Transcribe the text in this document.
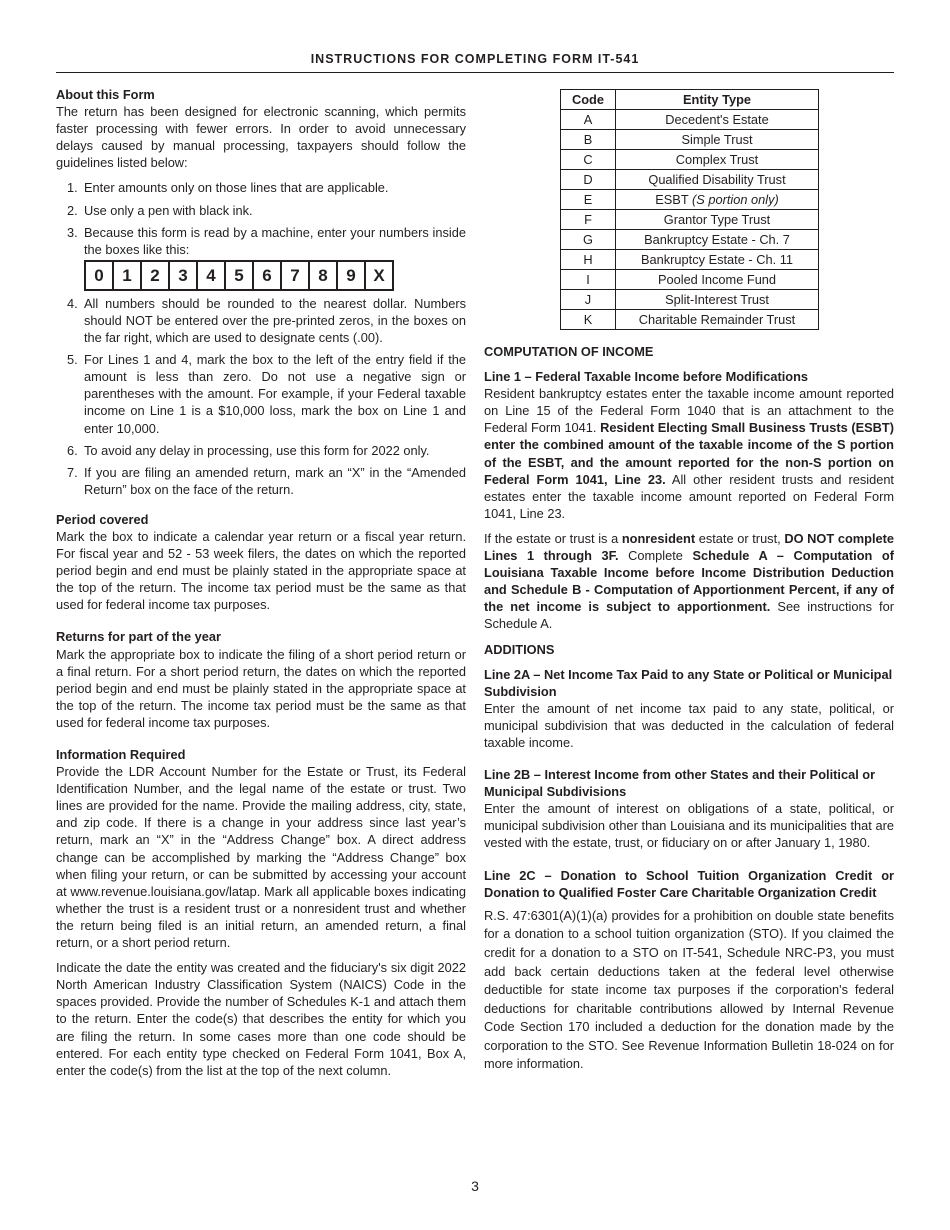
INSTRUCTIONS FOR COMPLETING FORM IT-541

About this Form

The return has been designed for electronic scanning, which permits faster processing with fewer errors. In order to avoid unnecessary delays caused by manual processing, taxpayers should follow the guidelines listed below:

1. Enter amounts only on those lines that are applicable.
2. Use only a pen with black ink.
3. Because this form is read by a machine, enter your numbers inside the boxes like this:
0	1	2	3	4	5	6	7	8	9	X
4. All numbers should be rounded to the nearest dollar. Numbers should NOT be entered over the pre-printed zeros, in the boxes on the far right, which are used to designate cents (.00).
5. For Lines 1 and 4, mark the box to the left of the entry field if the amount is less than zero. Do not use a negative sign or parentheses with the amount. For example, if your Federal taxable income on Line 1 is a $10,000 loss, mark the box on Line 1 and enter 10,000.
6. To avoid any delay in processing, use this form for 2022 only.
7. If you are filing an amended return, mark an “X” in the “Amended Return” box on the face of the return.

Period covered

Mark the box to indicate a calendar year return or a fiscal year return. For fiscal year and 52 - 53 week filers, the dates on which the reported period begin and end must be plainly stated in the appropriate space at the top of the return. The income tax period must be the same as that used for federal income tax purposes.

Returns for part of the year

Mark the appropriate box to indicate the filing of a short period return or a final return. For a short period return, the dates on which the reported period begin and end must be plainly stated in the appropriate space at the top of the return. The income tax period must be the same as that used for federal income tax purposes.

Information Required

Provide the LDR Account Number for the Estate or Trust, its Federal Identification Number, and the legal name of the estate or trust. Two lines are provided for the name. Provide the mailing address, city, state, and zip code. If there is a change in your address since last year’s return, mark an “X” in the “Address Change” box. A direct address change can be accomplished by marking the “Address Change” box when filing your return, or can be submitted by accessing your account at www.revenue.louisiana.gov/latap. Mark all applicable boxes indicating whether the trust is a resident trust or a nonresident trust and whether the return being filed is an initial return, an amended return, a final return, or a short period return.

Indicate the date the entity was created and the fiduciary's six digit 2022 North American Industry Classification System (NAICS) Code in the spaces provided. Provide the number of Schedules K-1 and attach them to the return. Enter the code(s) that describes the entity for which you are filing the return. In some cases more than one code should be entered. For each entity type checked on Federal Form 1041, Box A, enter the code(s) from the list at the top of the next column.

Code	Entity Type
A	Decedent's Estate
B	Simple Trust
C	Complex Trust
D	Qualified Disability Trust
E	ESBT (S portion only)
F	Grantor Type Trust
G	Bankruptcy Estate - Ch. 7
H	Bankruptcy Estate - Ch. 11
I	Pooled Income Fund
J	Split-Interest Trust
K	Charitable Remainder Trust

COMPUTATION OF INCOME

Line 1 – Federal Taxable Income before Modifications

Resident bankruptcy estates enter the taxable income amount reported on Line 15 of the Federal Form 1040 that is an attachment to the Federal Form 1041. Resident Electing Small Business Trusts (ESBT) enter the combined amount of the taxable income of the S portion of the ESBT, and the amount reported for the non-S portion on Federal Form 1041, Line 23. All other resident trusts and resident estates enter the taxable income amount reported on Federal Form 1041, Line 23.

If the estate or trust is a nonresident estate or trust, DO NOT complete Lines 1 through 3F. Complete Schedule A – Computation of Louisiana Taxable Income before Income Distribution Deduction and Schedule B - Computation of Apportionment Percent, if any of the net income is subject to apportionment. See instructions for Schedule A.

ADDITIONS

Line 2A – Net Income Tax Paid to any State or Political or Municipal Subdivision

Enter the amount of net income tax paid to any state, political, or municipal subdivision that was deducted in the calculation of federal taxable income.

Line 2B – Interest Income from other States and their Political or Municipal Subdivisions

Enter the amount of interest on obligations of a state, political, or municipal subdivision other than Louisiana and its municipalities that are vested with the estate, trust, or fiduciary on or after January 1, 1980.

Line 2C – Donation to School Tuition Organization Credit or Donation to Qualified Foster Care Charitable Organization Credit

R.S. 47:6301(A)(1)(a) provides for a prohibition on double state benefits for a donation to a school tuition organization (STO). If you claimed the credit for a donation to a STO on IT-541, Schedule NRC-P3, you must add back certain deductions taken at the federal level otherwise deductible for state income tax purposes if the corporation's federal deductions for charitable contributions allowed by Internal Revenue Code Section 170 included a deduction for the donation made by the corporation to the STO. See Revenue Information Bulletin 18-024 on for more information.

3
